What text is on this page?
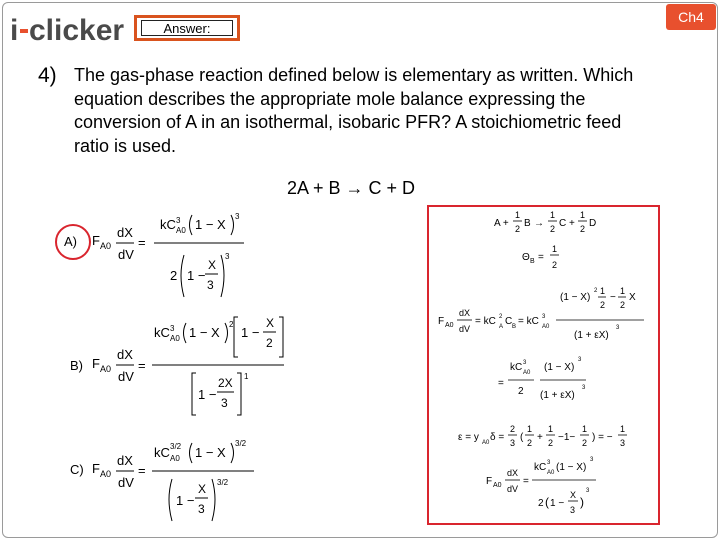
i clicker	Answer:
Ch4
4) The gas-phase reaction defined below is elementary as written. Which equation describes the appropriate mole balance expressing the conversion of A in an isothermal, isobaric PFR? A stoichiometric feed ratio is used.
2A + B → C + D
A) F A0
dX
dV
=
kC 3
A0 1 − X
3
2 1 −
X
3
3
B) F A0
dX
dV
=
kC 3
A0 1 − X
2
1 −
X
2
1 −
2X
3
1
C) F A0
dX
dV
=
kC 3/2
A0 1 − X
3/2
1 −
X
3
3/2
A +
1
2 B →
1
2 C +
1
2 D
Θ B =
1
2
F A0
dX
dV
= kC 2
A C B = kC 3
A0
(1 − X)
2 1
2
−
1
2
X
(1 + εX)
3
=
kC 3
A0
2
(1 − X)
3
(1 + εX)
3
ε = y A0 δ =
2
3 (
1
2 +
1
2 −1−
1
2 ) = −
1
3
F A0
dX
dV
=
kC 3
A0 (1 − X)
3
2 ( 1 −
X
3
)
3
